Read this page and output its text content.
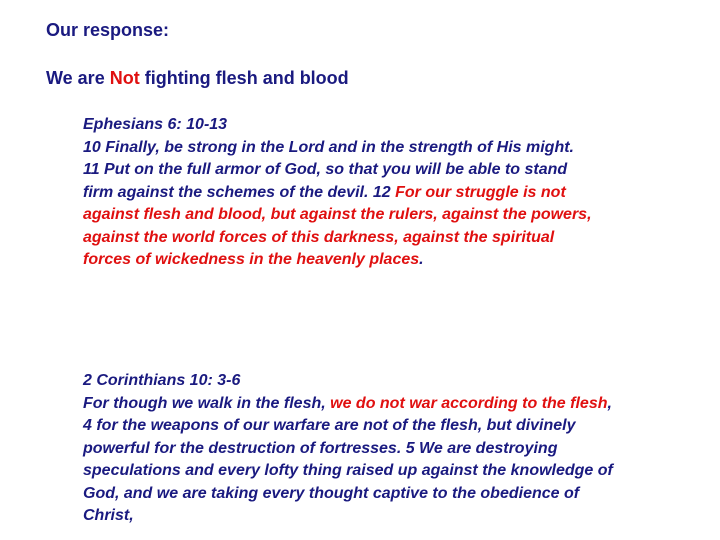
Our response:

We are Not fighting flesh and blood

Ephesians 6: 10-13
10 Finally, be strong in the Lord and in the strength of His might.
11 Put on the full armor of God, so that you will be able to stand
firm against the schemes of the devil. 12 For our struggle is not
against flesh and blood, but against the rulers, against the powers,
against the world forces of this darkness, against the spiritual
forces of wickedness in the heavenly places.
2 Corinthians 10: 3-6
For though we walk in the flesh, we do not war according to the flesh,
4 for the weapons of our warfare are not of the flesh, but divinely
powerful for the destruction of fortresses. 5 We are destroying
speculations and every lofty thing raised up against the knowledge of
God, and we are taking every thought captive to the obedience of
Christ,
